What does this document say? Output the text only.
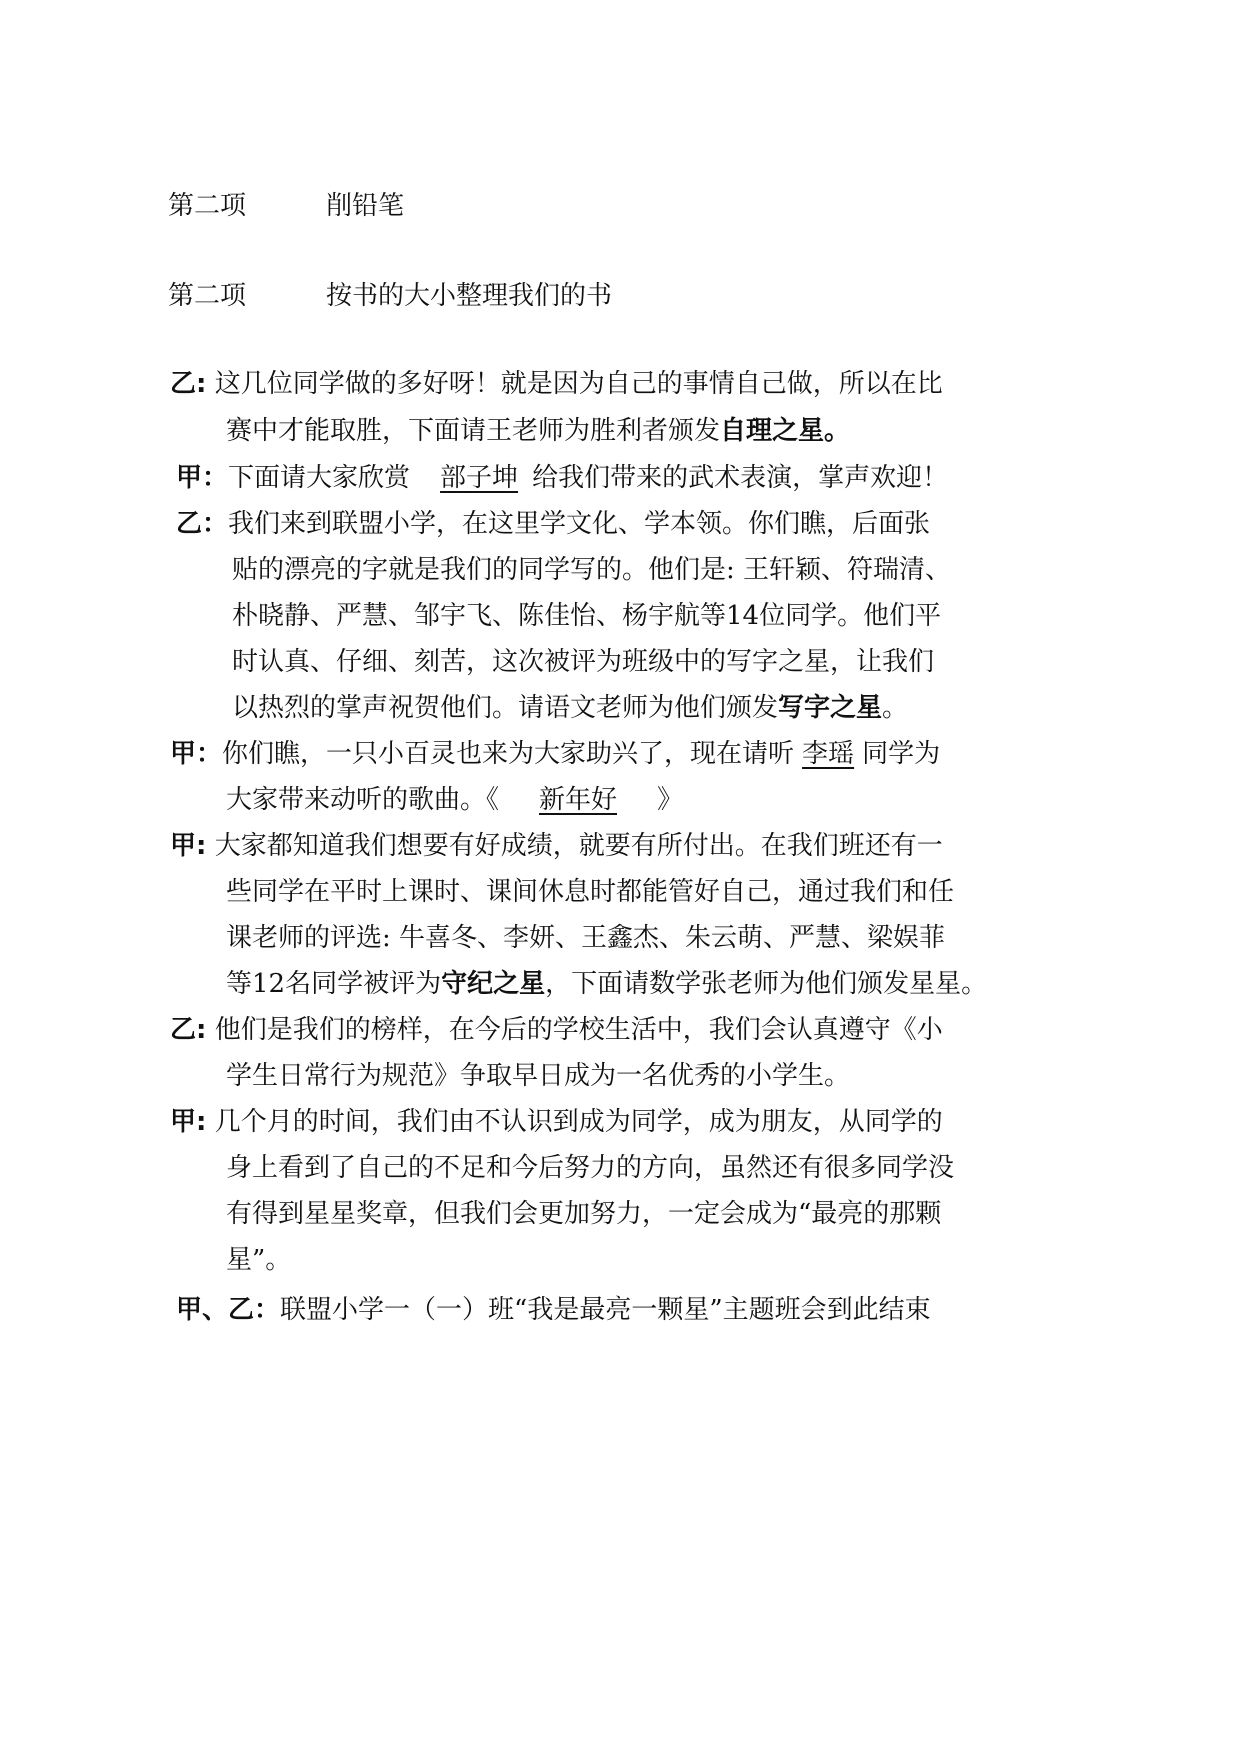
第二项	削铅笔
第二项	按书的大小整理我们的书
乙: 这几位同学做的多好呀！就是因为自己的事情自己做，所以在比
赛中才能取胜，下面请王老师为胜利者颁发自理之星。
甲：下面请大家欣赏 部子坤 给我们带来的武术表演，掌声欢迎！
乙：我们来到联盟小学，在这里学文化、学本领。你们瞧，后面张
贴的漂亮的字就是我们的同学写的。他们是: 王轩颖、符瑞清、
朴晓静、严慧、邹宇飞、陈佳怡、杨宇航等14位同学。他们平
时认真、仔细、刻苦，这次被评为班级中的写字之星，让我们
以热烈的掌声祝贺他们。请语文老师为他们颁发写字之星。
甲：你们瞧，一只小百灵也来为大家助兴了，现在请听 李瑶 同学为
大家带来动听的歌曲。《 新年好 》
甲: 大家都知道我们想要有好成绩，就要有所付出。在我们班还有一
些同学在平时上课时、课间休息时都能管好自己，通过我们和任
课老师的评选: 牛喜冬、李妍、王鑫杰、朱云萌、严慧、梁娱菲
等12名同学被评为守纪之星，下面请数学张老师为他们颁发星星。
乙: 他们是我们的榜样，在今后的学校生活中，我们会认真遵守《小
学生日常行为规范》争取早日成为一名优秀的小学生。
甲: 几个月的时间，我们由不认识到成为同学，成为朋友，从同学的
身上看到了自己的不足和今后努力的方向，虽然还有很多同学没
有得到星星奖章，但我们会更加努力，一定会成为“最亮的那颗
星”。
甲、乙：联盟小学一（一）班“我是最亮一颗星”主题班会到此结束
